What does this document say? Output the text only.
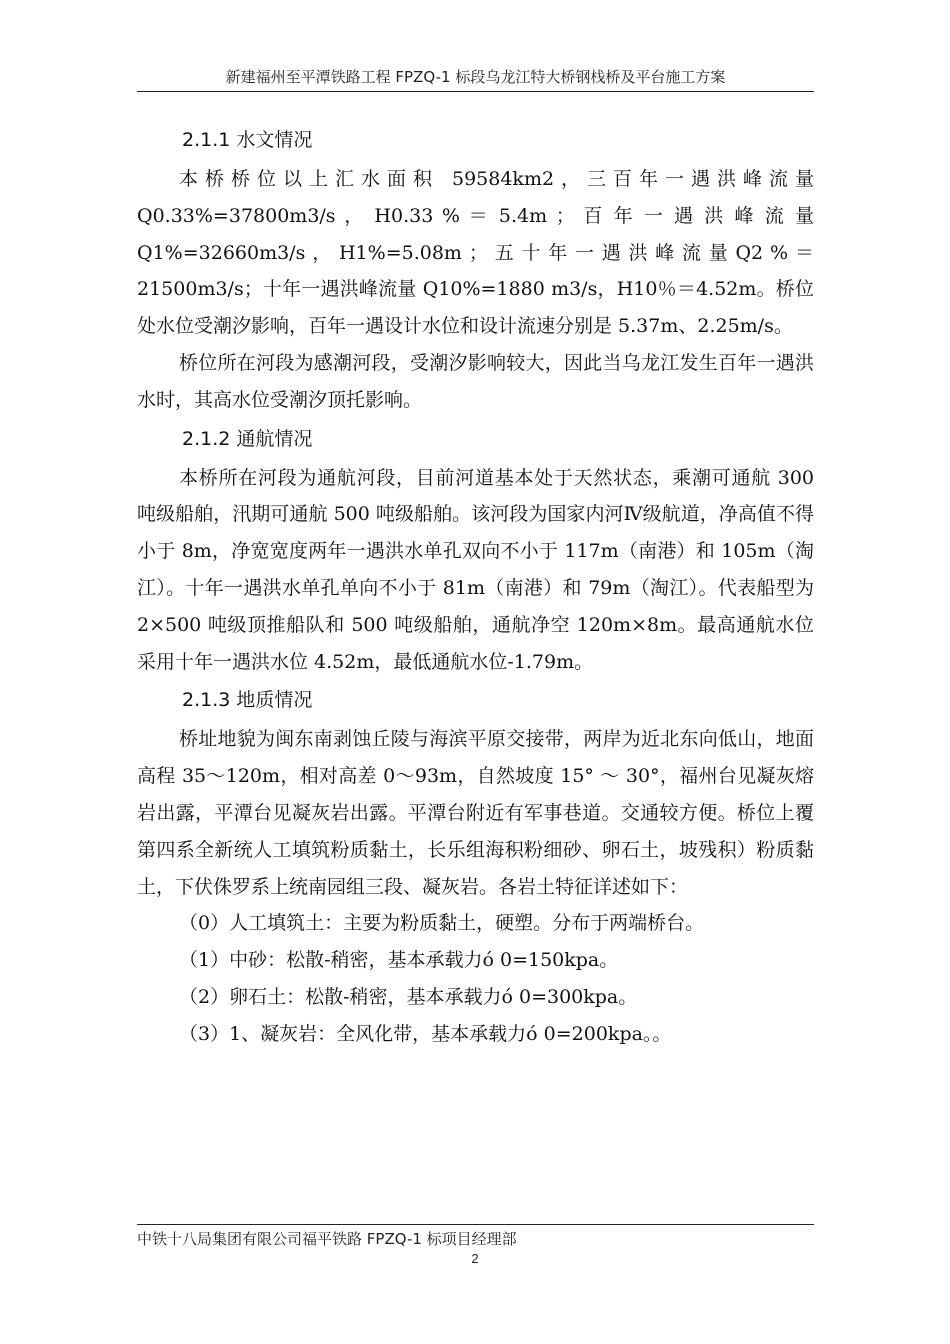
新建福州至平潭铁路工程 FPZQ-1 标段乌龙江特大桥钢栈桥及平台施工方案
2.1.1 水文情况

本桥桥位以上汇水面积 59584km2，三百年一遇洪峰流量 Q0.33%=37800m3/s ， H0.33 % ＝ 5.4m ； 百 年 一 遇 洪 峰 流 量 Q1%=32660m3/s ， H1%=5.08m ； 五 十 年 一 遇 洪 峰 流 量 Q2 % ＝ 21500m3/s；十年一遇洪峰流量 Q10%=1880 m3/s，H10％＝4.52m。桥位处水位受潮汐影响，百年一遇设计水位和设计流速分别是 5.37m、2.25m/s。

桥位所在河段为感潮河段，受潮汐影响较大，因此当乌龙江发生百年一遇洪水时，其高水位受潮汐顶托影响。

2.1.2 通航情况

本桥所在河段为通航河段，目前河道基本处于天然状态，乘潮可通航 300 吨级船舶，汛期可通航 500 吨级船舶。该河段为国家内河Ⅳ级航道，净高值不得小于 8m，净宽宽度两年一遇洪水单孔双向不小于 117m（南港）和 105m（淘江）。十年一遇洪水单孔单向不小于 81m（南港）和 79m（淘江）。代表船型为 2×500 吨级顶推船队和 500 吨级船舶，通航净空 120m×8m。最高通航水位采用十年一遇洪水位 4.52m，最低通航水位-1.79m。

2.1.3 地质情况

桥址地貌为闽东南剥蚀丘陵与海滨平原交接带，两岸为近北东向低山，地面高程 35～120m，相对高差 0～93m，自然坡度 15° ～ 30°，福州台见凝灰熔岩出露，平潭台见凝灰岩出露。平潭台附近有军事巷道。交通较方便。桥位上覆第四系全新统人工填筑粉质黏土，长乐组海积粉细砂、卵石土，坡残积）粉质黏土，下伏侏罗系上统南园组三段、凝灰岩。各岩土特征详述如下：

（0）人工填筑土：主要为粉质黏土，硬塑。分布于两端桥台。

（1）中砂：松散-稍密，基本承载力ó 0=150kpa。

（2）卵石土：松散-稍密，基本承载力ó 0=300kpa。

（3）1、凝灰岩：全风化带，基本承载力ó 0=200kpa。。

中铁十八局集团有限公司福平铁路 FPZQ-1 标项目经理部
2
